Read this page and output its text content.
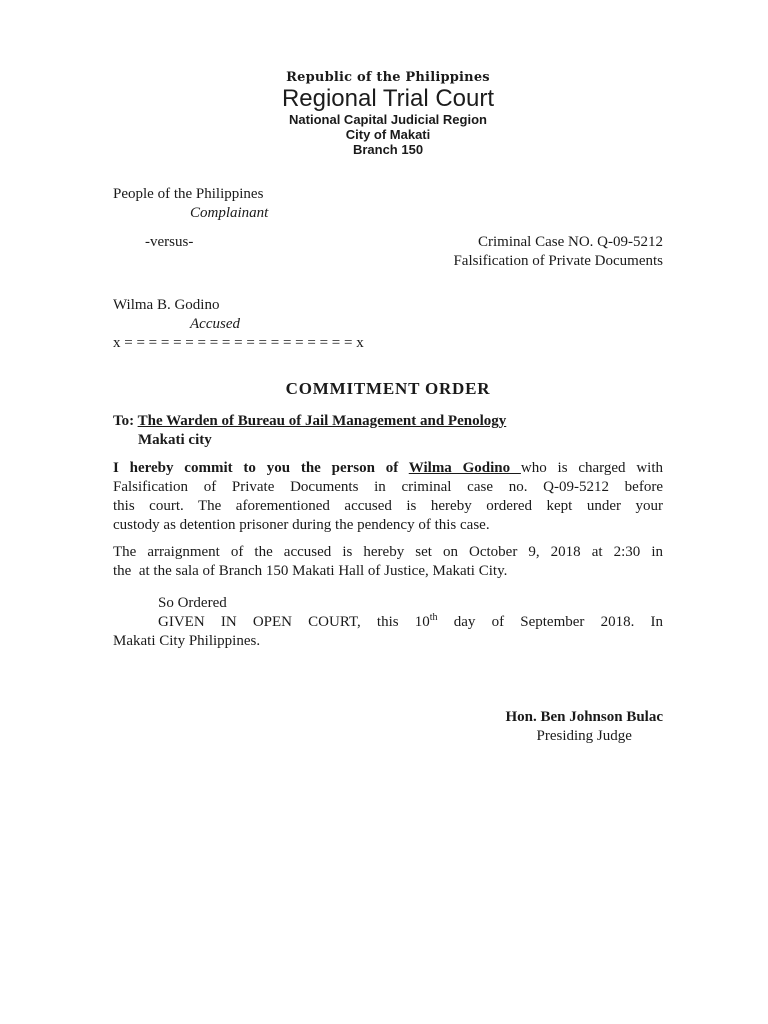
Republic of the Philippines
Regional Trial Court
National Capital Judicial Region
City of Makati
Branch 150
People of the Philippines
Complainant
-versus-	Criminal Case NO. Q-09-5212
Falsification of Private Documents
Wilma B. Godino
Accused
x = = = = = = = = = = = = = = = = = = = x
COMMITMENT ORDER
To: The Warden of Bureau of Jail Management and Penology
Makati city
I hereby commit to you the person of Wilma Godino who is charged with
Falsification of Private Documents in criminal case no. Q-09-5212 before
this court. The aforementioned accused is hereby ordered kept under your
custody as detention prisoner during the pendency of this case.
The arraignment of the accused is hereby set on October 9, 2018 at 2:30 in
the  at the sala of Branch 150 Makati Hall of Justice, Makati City.
So Ordered
GIVEN IN OPEN COURT, this 10th day of September 2018. In
Makati City Philippines.
Hon. Ben Johnson Bulac
Presiding Judge
